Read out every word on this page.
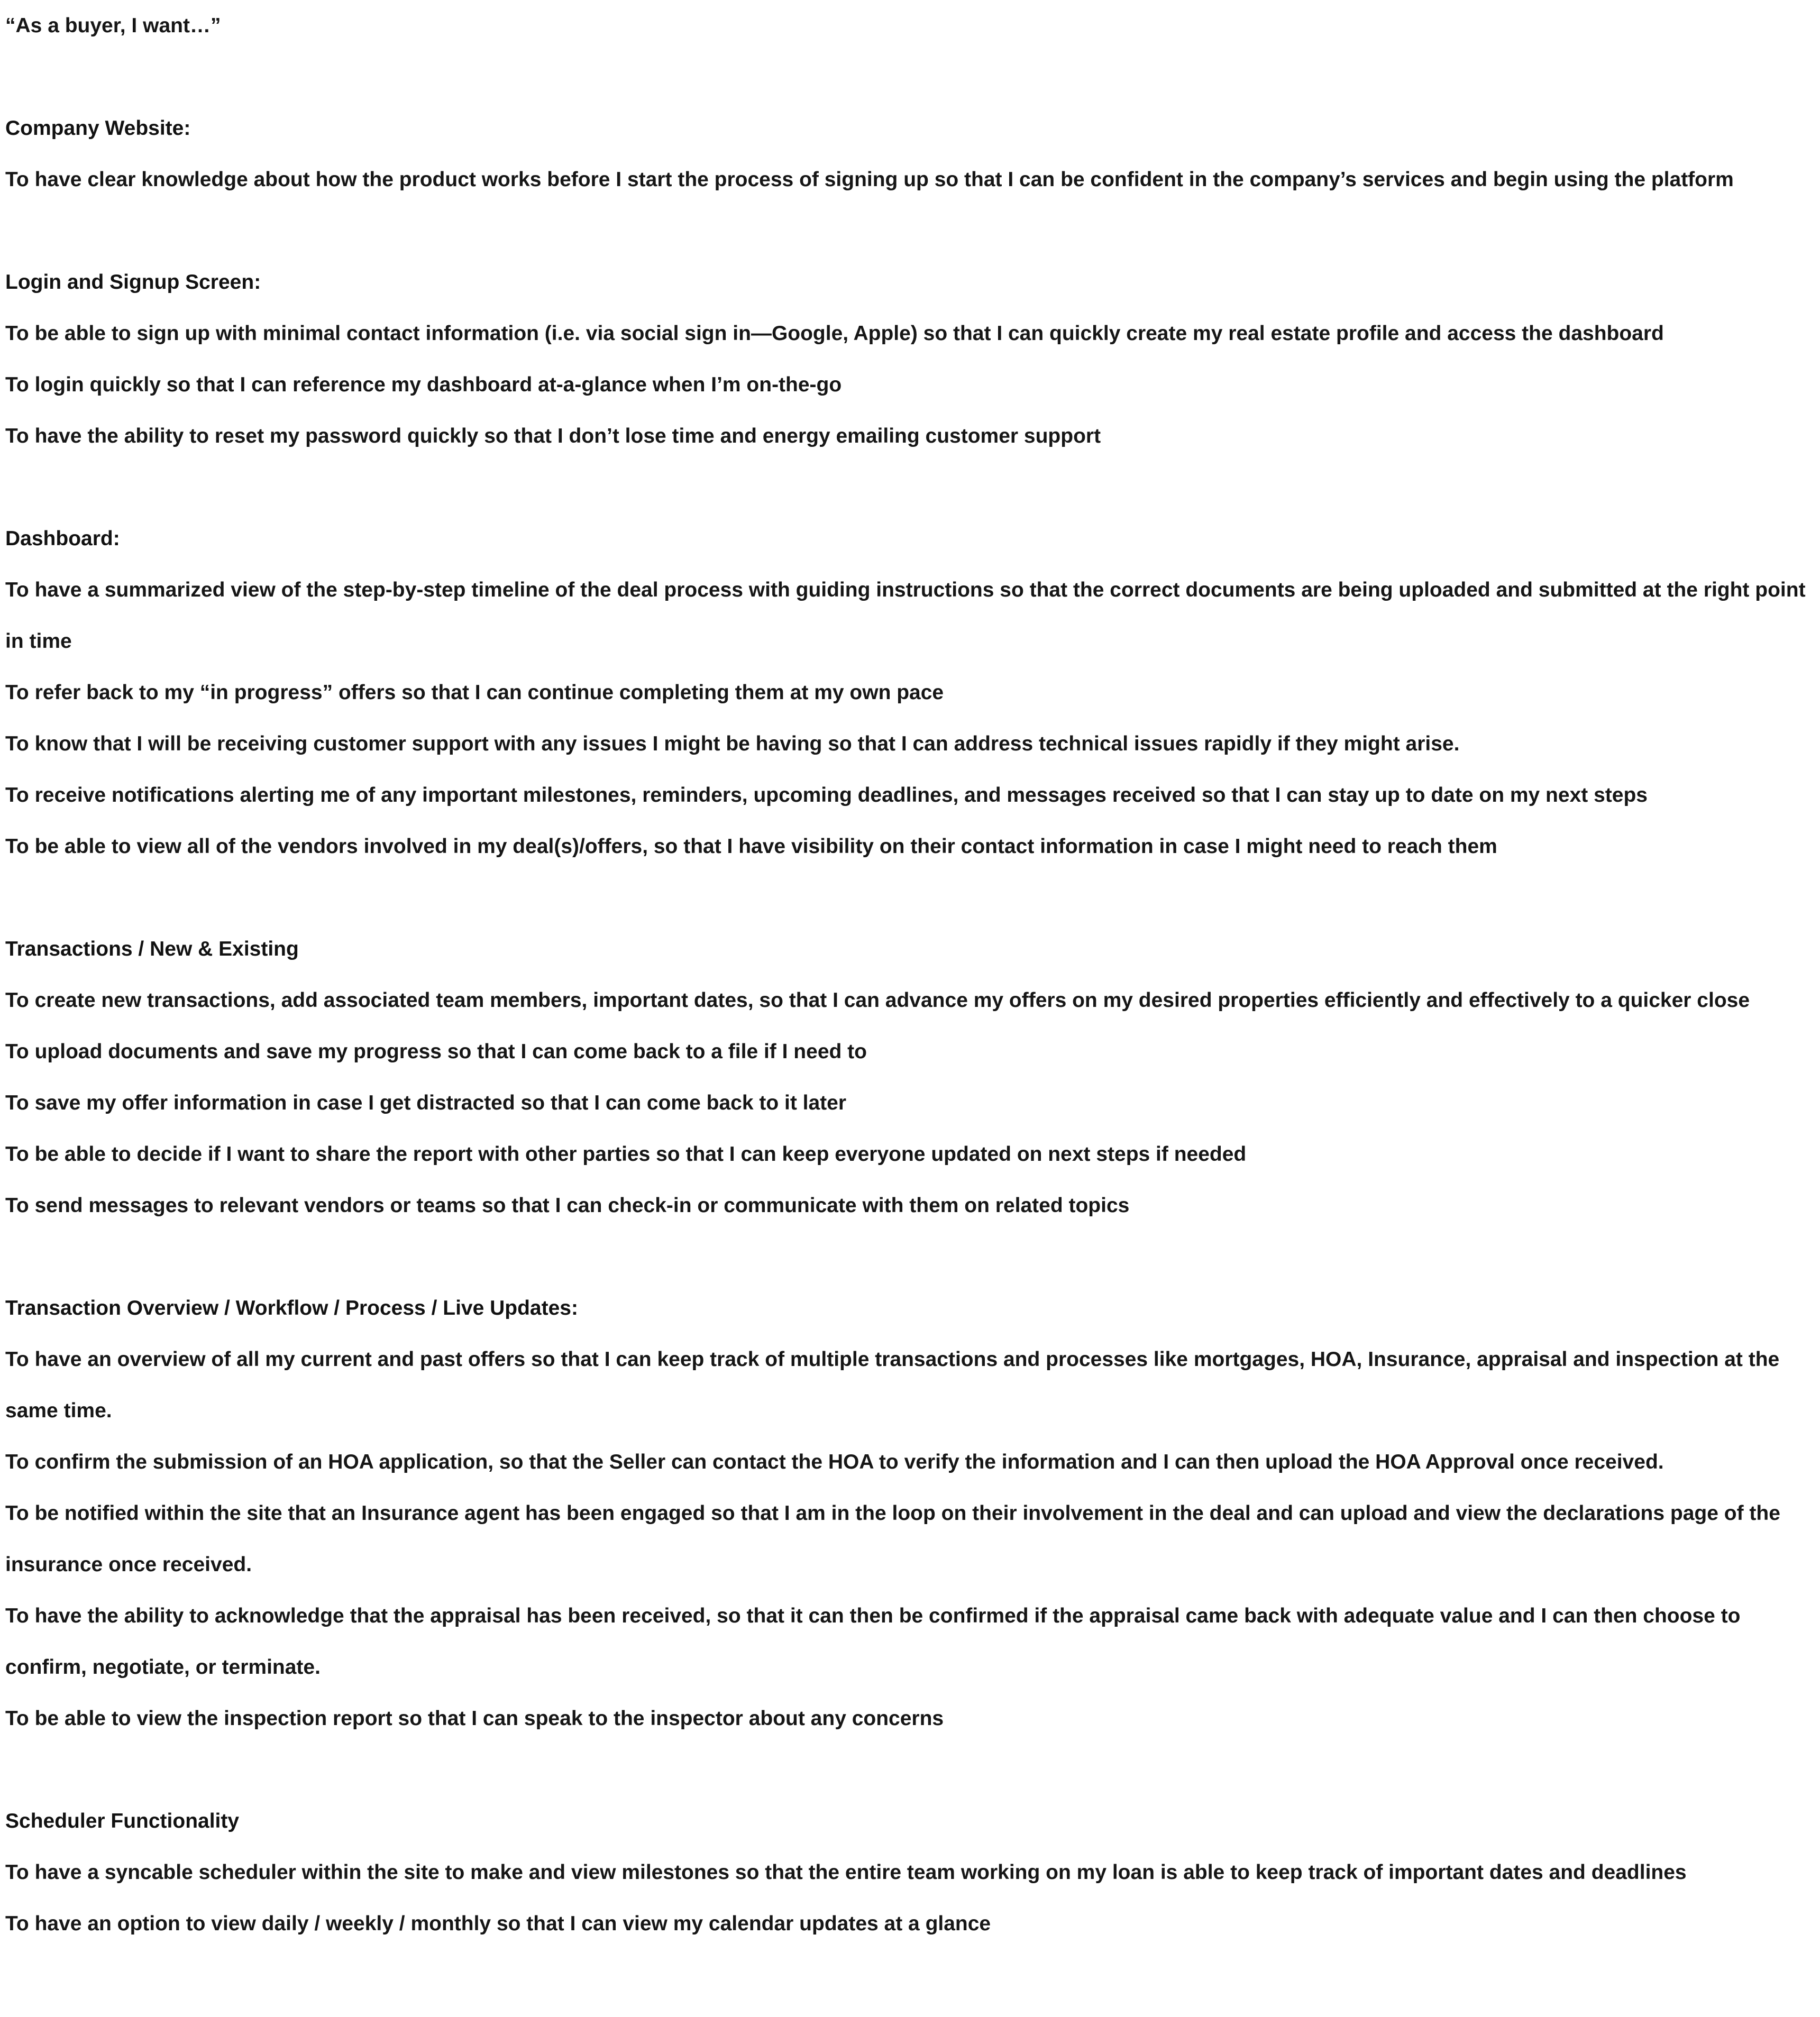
“As a buyer, I want…”

Company Website:

To have clear knowledge about how the product works before I start the process of signing up so that I can be confident in the company’s services and begin using the platform

Login and Signup Screen:

To be able to sign up with minimal contact information (i.e. via social sign in—Google, Apple) so that I can quickly create my real estate profile and access the dashboard

To login quickly so that I can reference my dashboard at-a-glance when I’m on-the-go

To have the ability to reset my password quickly so that I don’t lose time and energy emailing customer support

Dashboard:

To have a summarized view of the step-by-step timeline of the deal process with guiding instructions so that the correct documents are being uploaded and submitted at the right point in time

To refer back to my “in progress” offers so that I can continue completing them at my own pace

To know that I will be receiving customer support with any issues I might be having so that I can address technical issues rapidly if they might arise.

To receive notifications alerting me of any important milestones, reminders, upcoming deadlines, and messages received so that I can stay up to date on my next steps

To be able to view all of the vendors involved in my deal(s)/offers, so that I have visibility on their contact information in case I might need to reach them

Transactions / New & Existing

To create new transactions, add associated team members, important dates, so that I can advance my offers on my desired properties efficiently and effectively to a quicker close

To upload documents and save my progress so that I can come back to a file if I need to

To save my offer information in case I get distracted so that I can come back to it later

To be able to decide if I want to share the report with other parties so that I can keep everyone updated on next steps if needed

To send messages to relevant vendors or teams so that I can check-in or communicate with them on related topics

Transaction Overview / Workflow / Process / Live Updates:

To have an overview of all my current and past offers so that I can keep track of multiple transactions and processes like mortgages, HOA, Insurance, appraisal and inspection at the same time.

To confirm the submission of an HOA application, so that the Seller can contact the HOA to verify the information and I can then upload the HOA Approval once received.

To be notified within the site that an Insurance agent has been engaged so that I am in the loop on their involvement in the deal and can upload and view the declarations page of the insurance once received.

To have the ability to acknowledge that the appraisal has been received, so that it can then be confirmed if the appraisal came back with adequate value and I can then choose to confirm, negotiate, or terminate.

To be able to view the inspection report so that I can speak to the inspector about any concerns

Scheduler Functionality

To have a syncable scheduler within the site to make and view milestones so that the entire team working on my loan is able to keep track of important dates and deadlines

To have an option to view daily / weekly / monthly so that I can view my calendar updates at a glance
